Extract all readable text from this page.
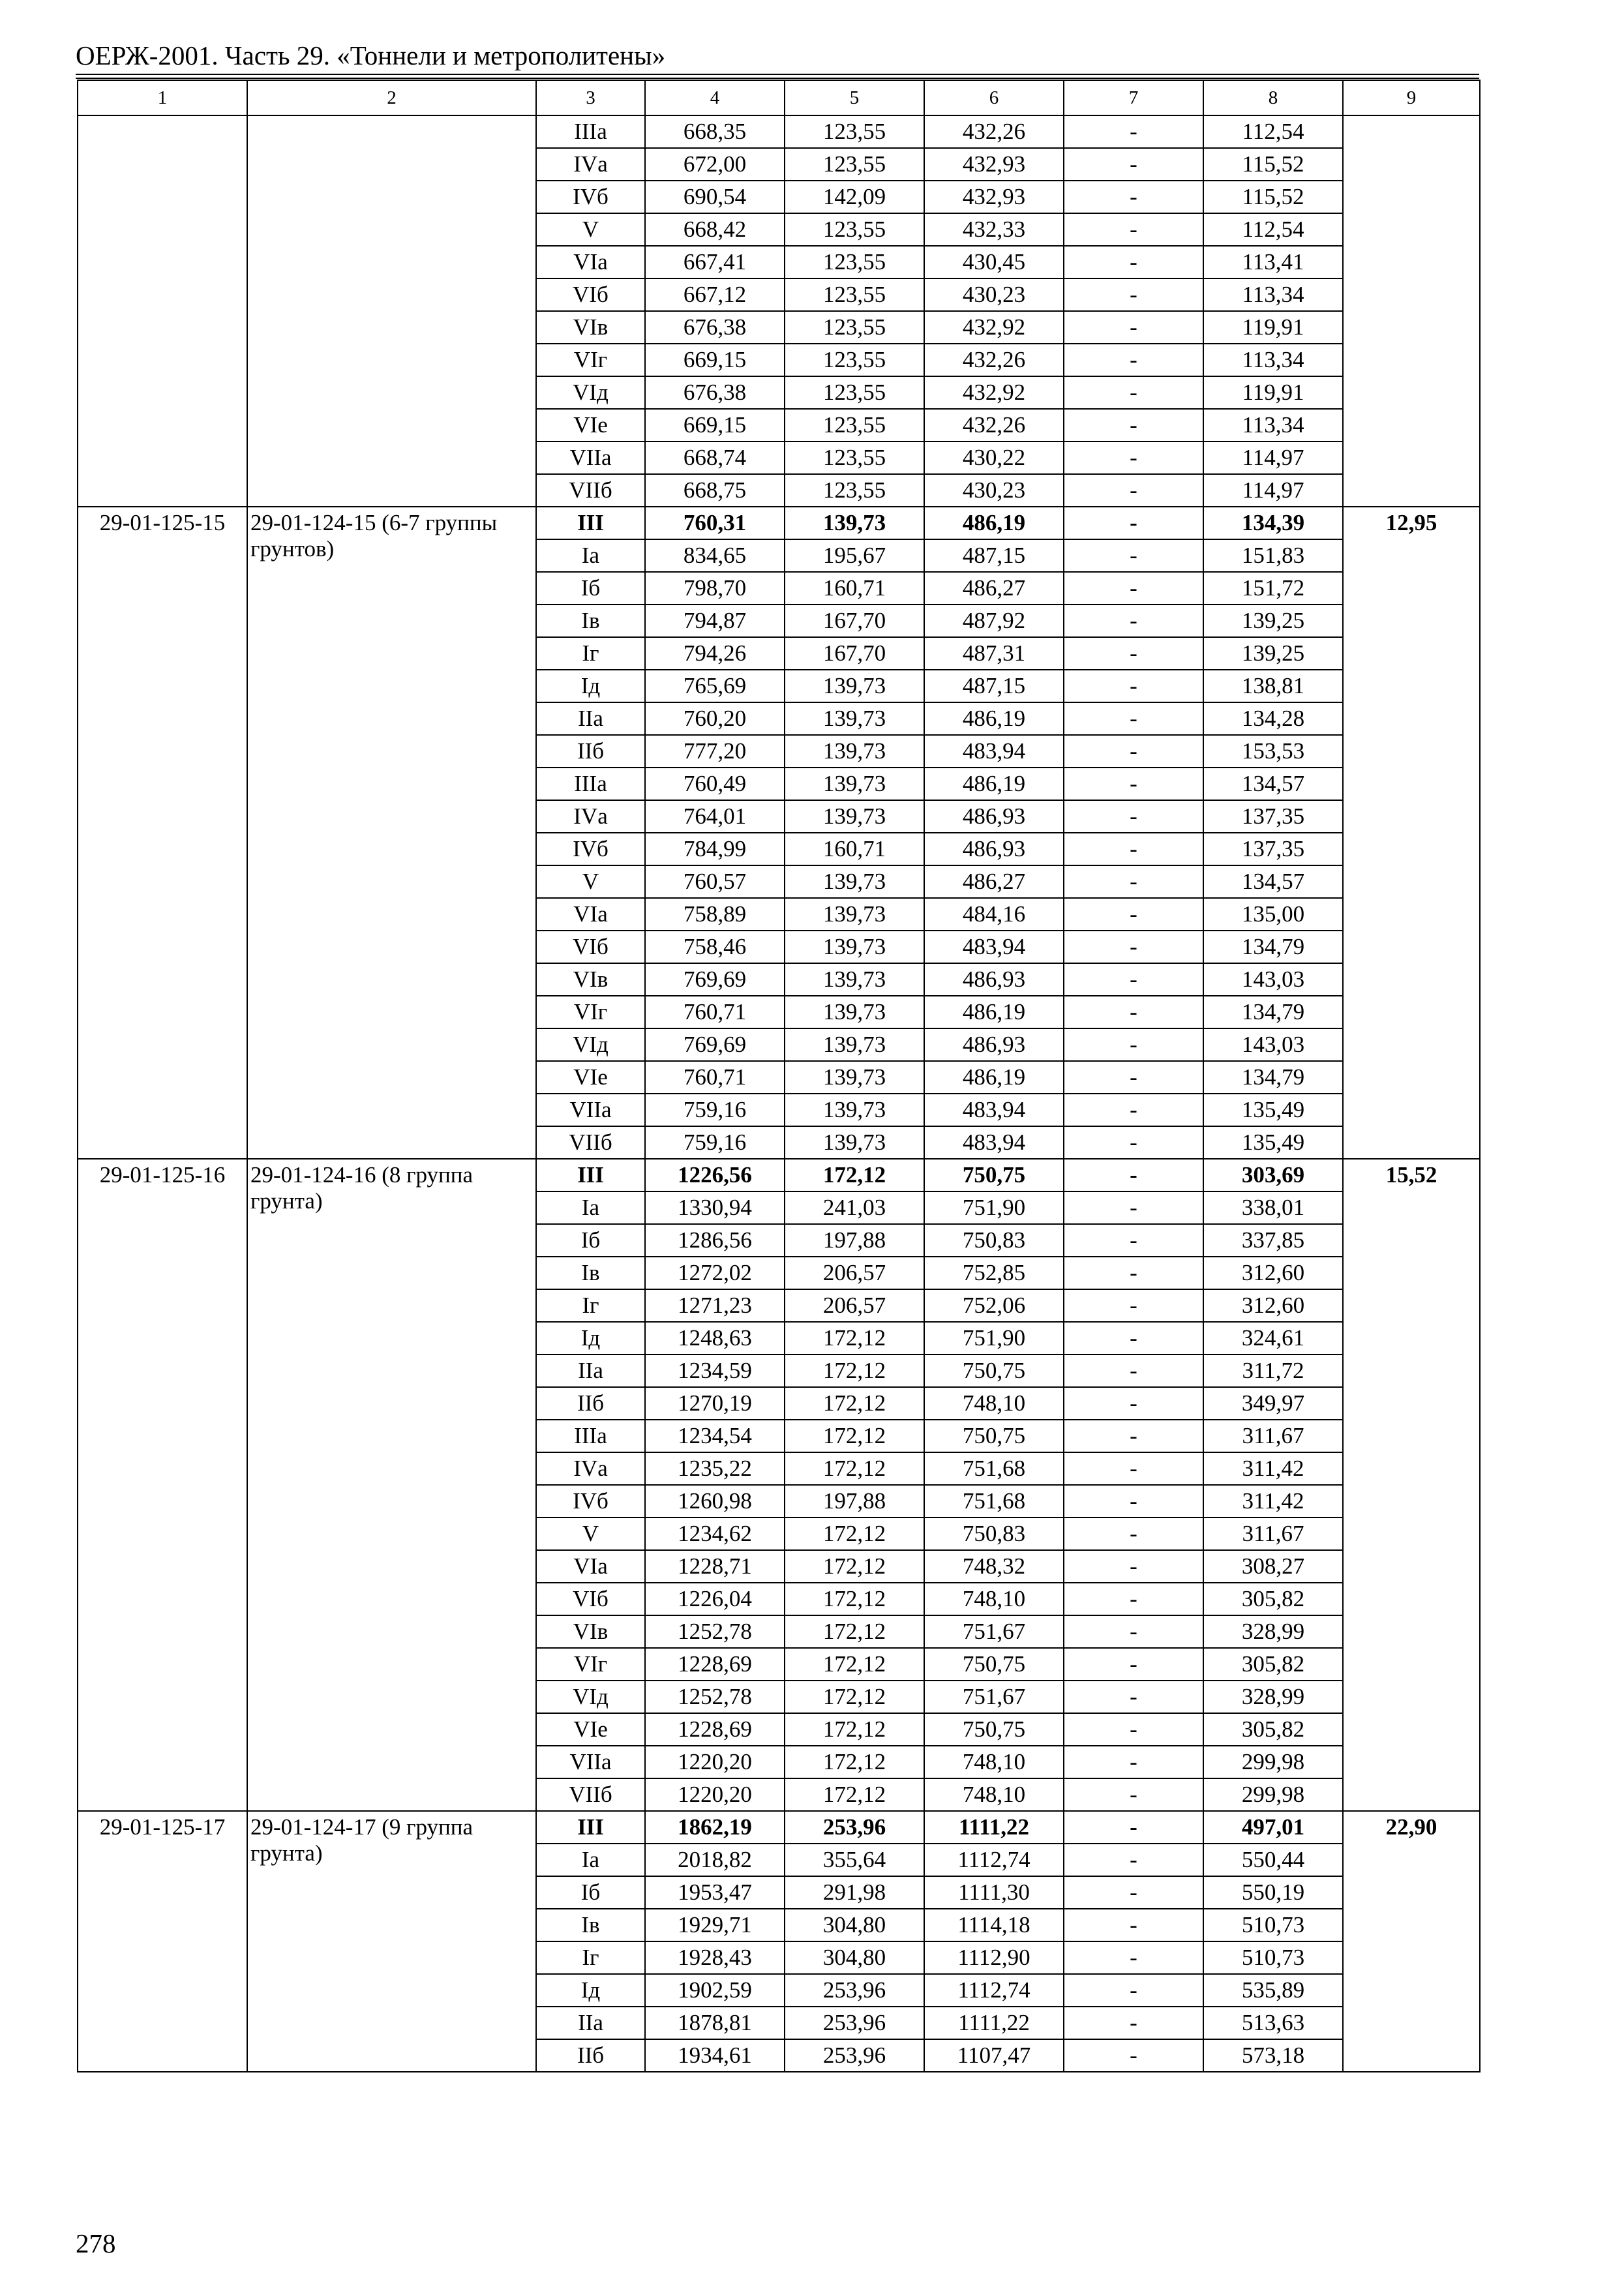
ОЕРЖ-2001. Часть 29. «Тоннели и метрополитены»
1	2	3	4	5	6	7	8	9
		IIIа	668,35	123,55	432,26	-	112,54	
		IVа	672,00	123,55	432,93	-	115,52	
		IVб	690,54	142,09	432,93	-	115,52	
		V	668,42	123,55	432,33	-	112,54	
		VIа	667,41	123,55	430,45	-	113,41	
		VIб	667,12	123,55	430,23	-	113,34	
		VIв	676,38	123,55	432,92	-	119,91	
		VIг	669,15	123,55	432,26	-	113,34	
		VIд	676,38	123,55	432,92	-	119,91	
		VIе	669,15	123,55	432,26	-	113,34	
		VIIа	668,74	123,55	430,22	-	114,97	
		VIIб	668,75	123,55	430,23	-	114,97	
29-01-125-15	29-01-124-15 (6-7 группы грунтов)	III	760,31	139,73	486,19	-	134,39	12,95
		Iа	834,65	195,67	487,15	-	151,83	
		Iб	798,70	160,71	486,27	-	151,72	
		Iв	794,87	167,70	487,92	-	139,25	
		Iг	794,26	167,70	487,31	-	139,25	
		Iд	765,69	139,73	487,15	-	138,81	
		IIа	760,20	139,73	486,19	-	134,28	
		IIб	777,20	139,73	483,94	-	153,53	
		IIIа	760,49	139,73	486,19	-	134,57	
		IVа	764,01	139,73	486,93	-	137,35	
		IVб	784,99	160,71	486,93	-	137,35	
		V	760,57	139,73	486,27	-	134,57	
		VIа	758,89	139,73	484,16	-	135,00	
		VIб	758,46	139,73	483,94	-	134,79	
		VIв	769,69	139,73	486,93	-	143,03	
		VIг	760,71	139,73	486,19	-	134,79	
		VIд	769,69	139,73	486,93	-	143,03	
		VIе	760,71	139,73	486,19	-	134,79	
		VIIа	759,16	139,73	483,94	-	135,49	
		VIIб	759,16	139,73	483,94	-	135,49	
29-01-125-16	29-01-124-16 (8 группа грунта)	III	1226,56	172,12	750,75	-	303,69	15,52
		Iа	1330,94	241,03	751,90	-	338,01	
		Iб	1286,56	197,88	750,83	-	337,85	
		Iв	1272,02	206,57	752,85	-	312,60	
		Iг	1271,23	206,57	752,06	-	312,60	
		Iд	1248,63	172,12	751,90	-	324,61	
		IIа	1234,59	172,12	750,75	-	311,72	
		IIб	1270,19	172,12	748,10	-	349,97	
		IIIа	1234,54	172,12	750,75	-	311,67	
		IVа	1235,22	172,12	751,68	-	311,42	
		IVб	1260,98	197,88	751,68	-	311,42	
		V	1234,62	172,12	750,83	-	311,67	
		VIа	1228,71	172,12	748,32	-	308,27	
		VIб	1226,04	172,12	748,10	-	305,82	
		VIв	1252,78	172,12	751,67	-	328,99	
		VIг	1228,69	172,12	750,75	-	305,82	
		VIд	1252,78	172,12	751,67	-	328,99	
		VIе	1228,69	172,12	750,75	-	305,82	
		VIIа	1220,20	172,12	748,10	-	299,98	
		VIIб	1220,20	172,12	748,10	-	299,98	
29-01-125-17	29-01-124-17 (9 группа грунта)	III	1862,19	253,96	1111,22	-	497,01	22,90
		Iа	2018,82	355,64	1112,74	-	550,44	
		Iб	1953,47	291,98	1111,30	-	550,19	
		Iв	1929,71	304,80	1114,18	-	510,73	
		Iг	1928,43	304,80	1112,90	-	510,73	
		Iд	1902,59	253,96	1112,74	-	535,89	
		IIа	1878,81	253,96	1111,22	-	513,63	
		IIб	1934,61	253,96	1107,47	-	573,18	
278
